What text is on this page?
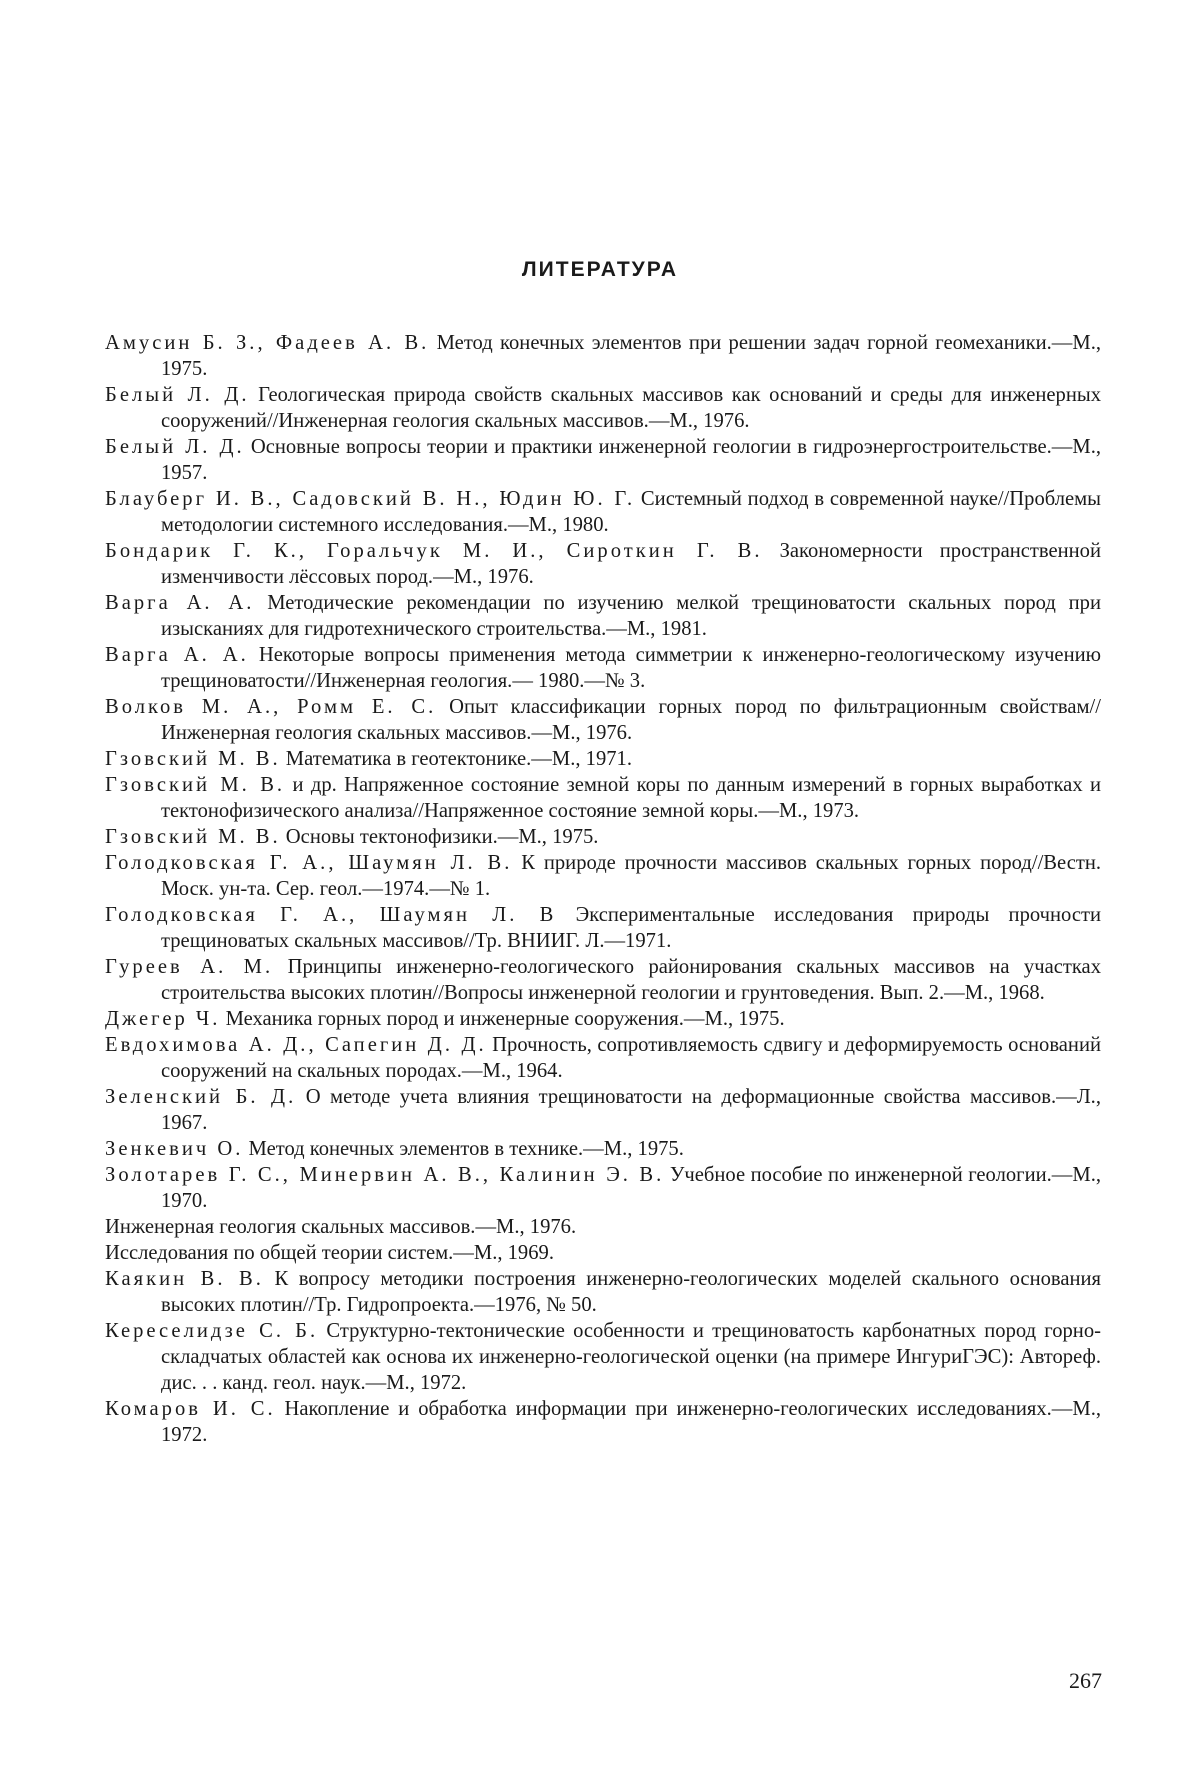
ЛИТЕРАТУРА

Амусин Б. З., Фадеев А. В. Метод конечных элементов при решении задач горной геомеханики.—М., 1975.

Белый Л. Д. Геологическая природа свойств скальных массивов как оснований и среды для инженерных сооружений//Инженерная геология скальных массивов.—М., 1976.

Белый Л. Д. Основные вопросы теории и практики инженерной геологии в гидроэнергостроительстве.—М., 1957.

Блауберг И. В., Садовский В. Н., Юдин Ю. Г. Системный подход в современной науке//Проблемы методологии системного исследования.—М., 1980.

Бондарик Г. К., Горальчук М. И., Сироткин Г. В. Закономерности пространственной изменчивости лёссовых пород.—М., 1976.

Варга А. А. Методические рекомендации по изучению мелкой трещиноватости скальных пород при изысканиях для гидротехнического строительства.—М., 1981.

Варга А. А. Некоторые вопросы применения метода симметрии к инженерно-геологическому изучению трещиноватости//Инженерная геология.— 1980.—№ 3.

Волков М. А., Ромм Е. С. Опыт классификации горных пород по фильтрационным свойствам//Инженерная геология скальных массивов.—М., 1976.

Гзовский М. В. Математика в геотектонике.—М., 1971.

Гзовский М. В. и др. Напряженное состояние земной коры по данным измерений в горных выработках и тектонофизического анализа//Напряженное состояние земной коры.—М., 1973.

Гзовский М. В. Основы тектонофизики.—М., 1975.

Голодковская Г. А., Шаумян Л. В. К природе прочности массивов скальных горных пород//Вестн. Моск. ун-та. Сер. геол.—1974.—№ 1.

Голодковская Г. А., Шаумян Л. В Экспериментальные исследования природы прочности трещиноватых скальных массивов//Тр. ВНИИГ. Л.—1971.

Гуреев А. М. Принципы инженерно-геологического районирования скальных массивов на участках строительства высоких плотин//Вопросы инженерной геологии и грунтоведения. Вып. 2.—М., 1968.

Джегер Ч. Механика горных пород и инженерные сооружения.—М., 1975.

Евдохимова А. Д., Сапегин Д. Д. Прочность, сопротивляемость сдвигу и деформируемость оснований сооружений на скальных породах.—М., 1964.

Зеленский Б. Д. О методе учета влияния трещиноватости на деформационные свойства массивов.—Л., 1967.

Зенкевич О. Метод конечных элементов в технике.—М., 1975.

Золотарев Г. С., Минервин А. В., Калинин Э. В. Учебное пособие по инженерной геологии.—М., 1970.

Инженерная геология скальных массивов.—М., 1976.

Исследования по общей теории систем.—М., 1969.

Каякин В. В. К вопросу методики построения инженерно-геологических моделей скального основания высоких плотин//Тр. Гидропроекта.—1976, № 50.

Кереселидзе С. Б. Структурно-тектонические особенности и трещиноватость карбонатных пород горно-складчатых областей как основа их инженерно-геологической оценки (на примере ИнгуриГЭС): Автореф. дис. . . канд. геол. наук.—М., 1972.

Комаров И. С. Накопление и обработка информации при инженерно-геологических исследованиях.—М., 1972.

267
